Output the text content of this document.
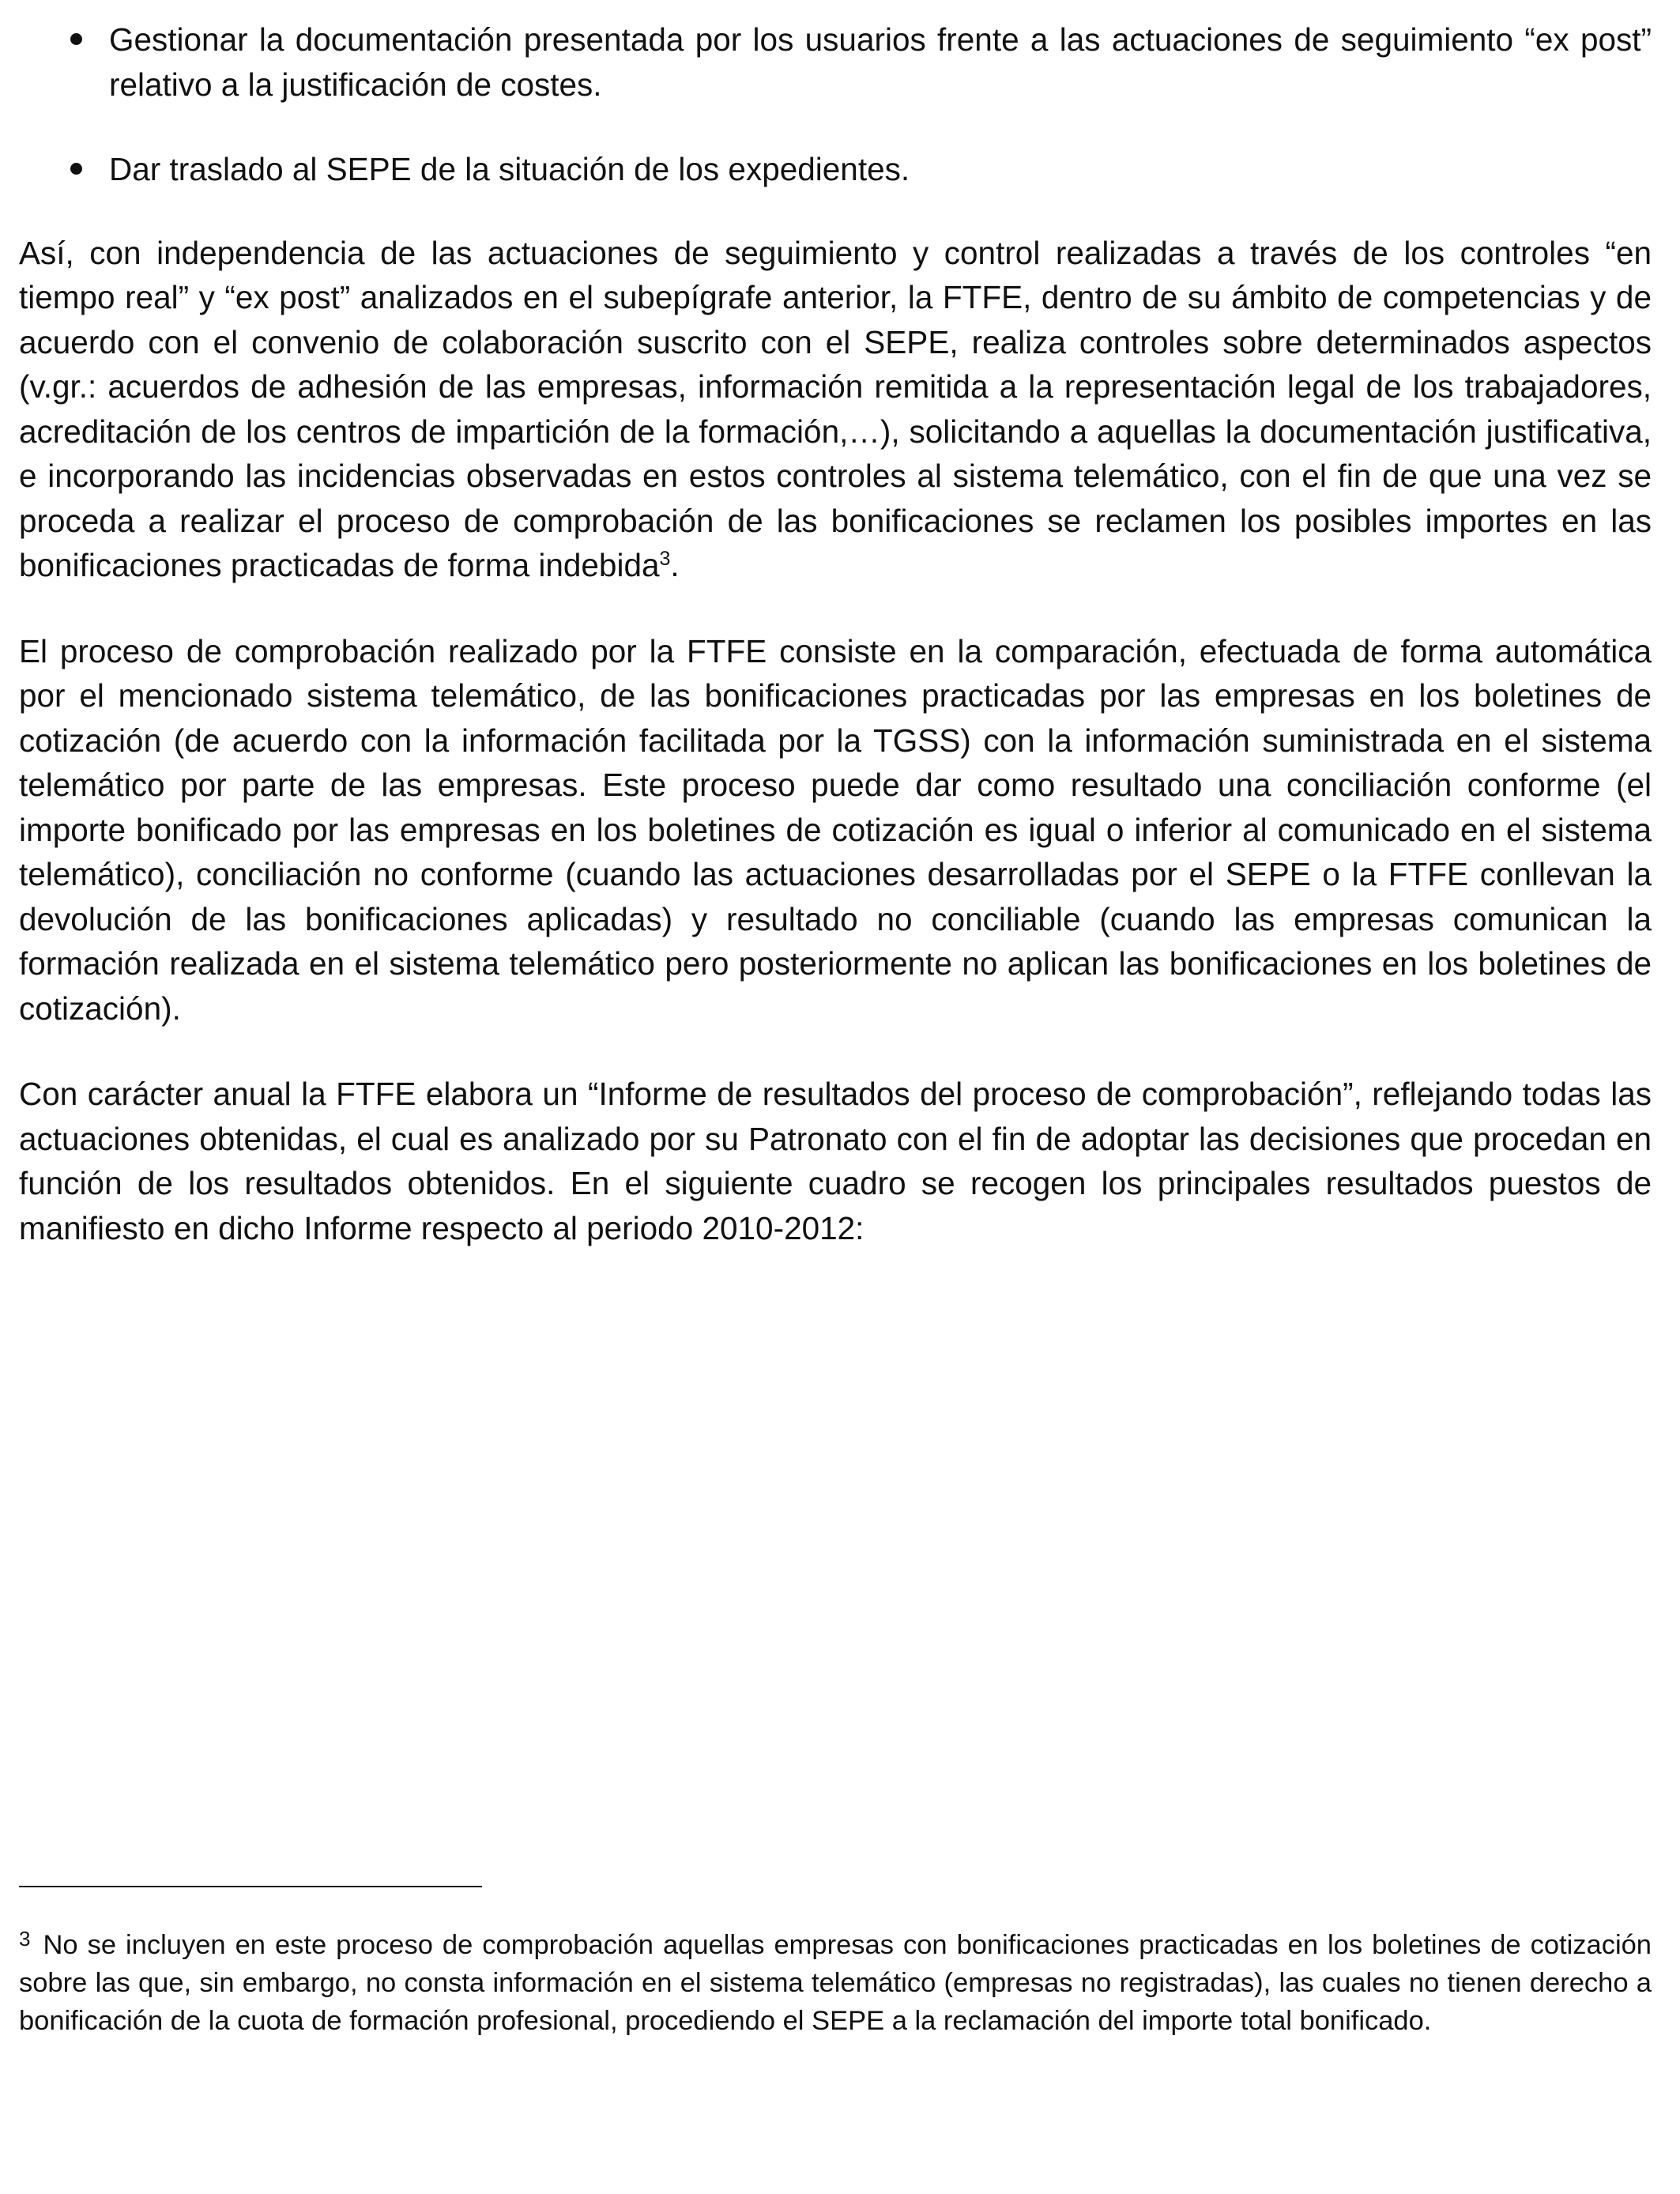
Gestionar la documentación presentada por los usuarios frente a las actuaciones de seguimiento “ex post” relativo a la justificación de costes.
Dar traslado al SEPE de la situación de los expedientes.

Así, con independencia de las actuaciones de seguimiento y control realizadas a través de los controles “en tiempo real” y “ex post” analizados en el subepígrafe anterior, la FTFE, dentro de su ámbito de competencias y de acuerdo con el convenio de colaboración suscrito con el SEPE, realiza controles sobre determinados aspectos (v.gr.: acuerdos de adhesión de las empresas, información remitida a la representación legal de los trabajadores, acreditación de los centros de impartición de la formación,…), solicitando a aquellas la documentación justificativa, e incorporando las incidencias observadas en estos controles al sistema telemático, con el fin de que una vez se proceda a realizar el proceso de comprobación de las bonificaciones se reclamen los posibles importes en las bonificaciones practicadas de forma indebida$^3$.

El proceso de comprobación realizado por la FTFE consiste en la comparación, efectuada de forma automática por el mencionado sistema telemático, de las bonificaciones practicadas por las empresas en los boletines de cotización (de acuerdo con la información facilitada por la TGSS) con la información suministrada en el sistema telemático por parte de las empresas. Este proceso puede dar como resultado una conciliación conforme (el importe bonificado por las empresas en los boletines de cotización es igual o inferior al comunicado en el sistema telemático), conciliación no conforme (cuando las actuaciones desarrolladas por el SEPE o la FTFE conllevan la devolución de las bonificaciones aplicadas) y resultado no conciliable (cuando las empresas comunican la formación realizada en el sistema telemático pero posteriormente no aplican las bonificaciones en los boletines de cotización).

Con carácter anual la FTFE elabora un “Informe de resultados del proceso de comprobación”, reflejando todas las actuaciones obtenidas, el cual es analizado por su Patronato con el fin de adoptar las decisiones que procedan en función de los resultados obtenidos. En el siguiente cuadro se recogen los principales resultados puestos de manifiesto en dicho Informe respecto al periodo 2010-2012:

$^3$ No se incluyen en este proceso de comprobación aquellas empresas con bonificaciones practicadas en los boletines de cotización sobre las que, sin embargo, no consta información en el sistema telemático (empresas no registradas), las cuales no tienen derecho a bonificación de la cuota de formación profesional, procediendo el SEPE a la reclamación del importe total bonificado.
